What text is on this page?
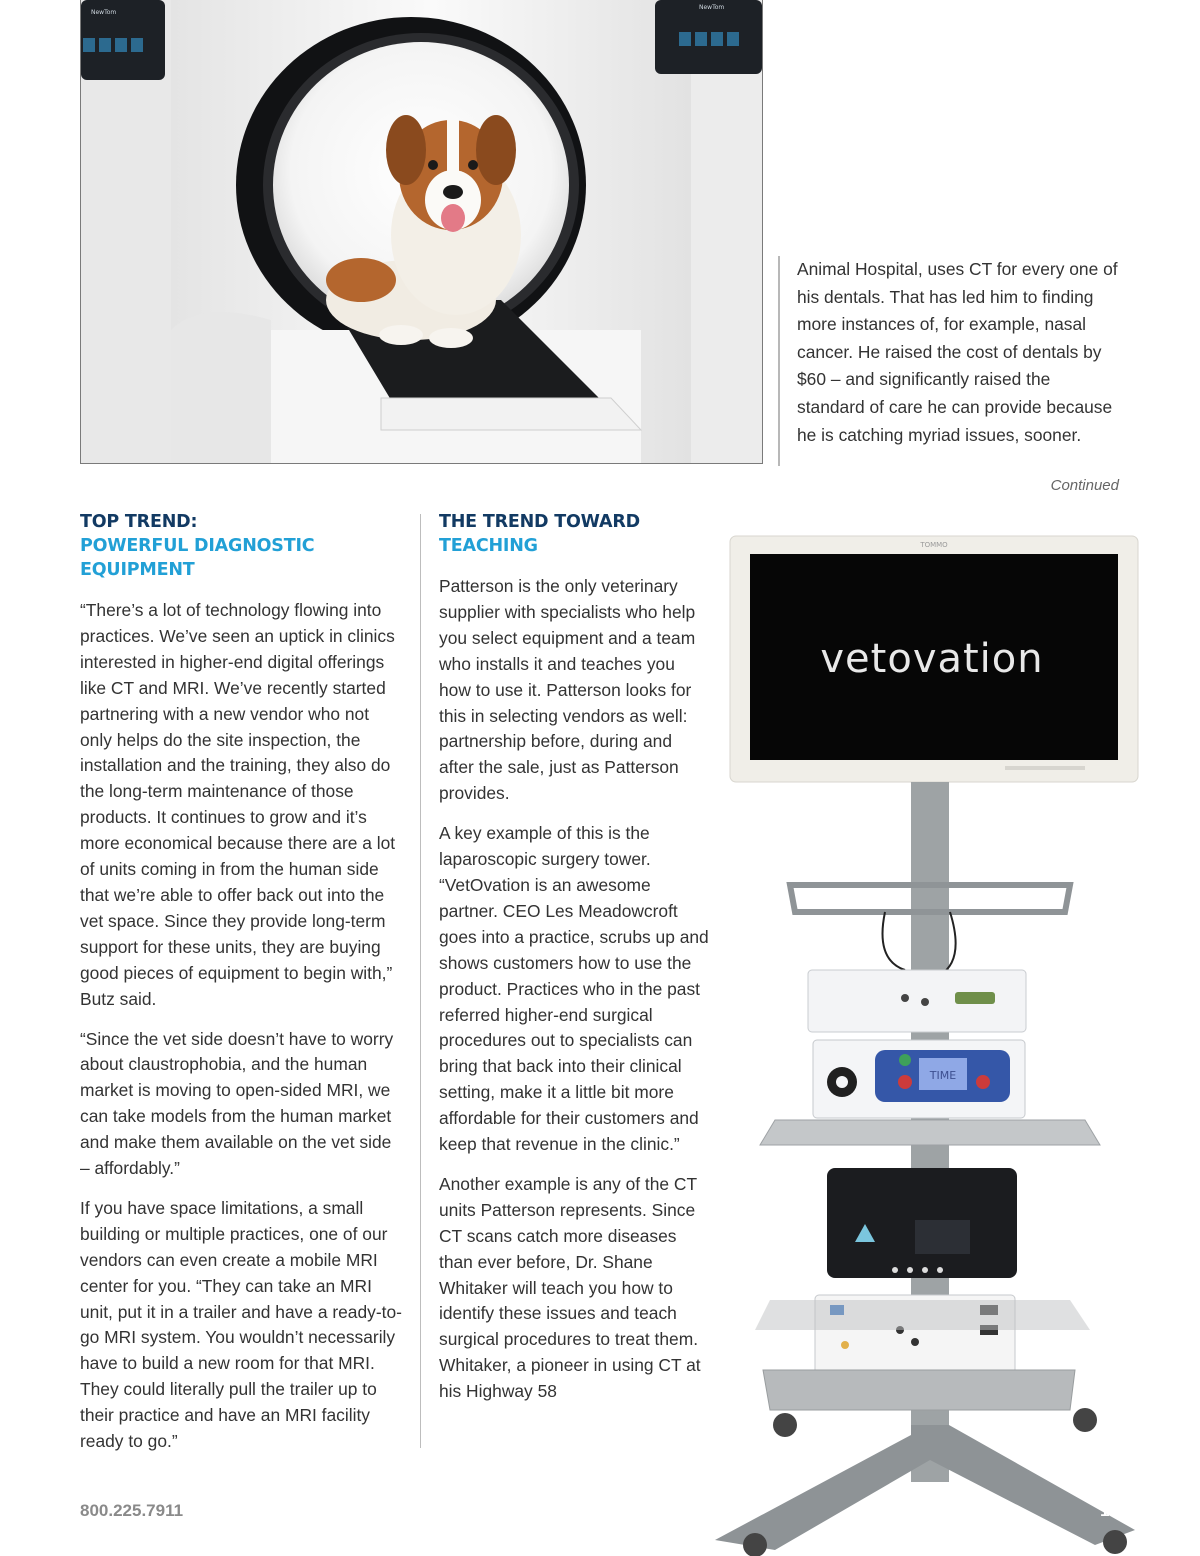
NewTom
NewTom

Animal Hospital, uses CT for every one of his dentals. That has led him to finding more instances of, for example, nasal cancer. He raised the cost of dentals by $60 – and significantly raised the standard of care he can provide because he is catching myriad issues, sooner.

Continued
TOP TREND:
POWERFUL DIAGNOSTIC EQUIPMENT

“There’s a lot of technology flowing into practices. We’ve seen an uptick in clinics interested in higher-end digital offerings like CT and MRI. We’ve recently started partnering with a new vendor who not only helps do the site inspection, the installation and the training, they also do the long-term maintenance of those products. It continues to grow and it’s more economical because there are a lot of units coming in from the human side that we’re able to offer back out into the vet space. Since they provide long-term support for these units, they are buying good pieces of equipment to begin with,” Butz said.

“Since the vet side doesn’t have to worry about claustrophobia, and the human market is moving to open-sided MRI, we can take models from the human market and make them available on the vet side – affordably.”

If you have space limitations, a small building or multiple practices, one of our vendors can even create a mobile MRI center for you. “They can take an MRI unit, put it in a trailer and have a ready-to-go MRI system. You wouldn’t necessarily have to build a new room for that MRI. They could literally pull the trailer up to their practice and have an MRI facility ready to go.”

THE TREND TOWARD
TEACHING

Patterson is the only veterinary supplier with specialists who help you select equipment and a team who installs it and teaches you how to use it. Patterson looks for this in selecting vendors as well: partnership before, during and after the sale, just as Patterson provides.

A key example of this is the laparoscopic surgery tower. “VetOvation is an awesome partner. CEO Les Meadowcroft goes into a practice, scrubs up and shows customers how to use the product. Practices who in the past referred higher-end surgical procedures out to specialists can bring that back into their clinical setting, make it a little bit more affordable for their customers and keep that revenue in the clinic.”

Another example is any of the CT units Patterson represents. Since CT scans catch more diseases than ever before, Dr. Shane Whitaker will teach you how to identify these issues and teach surgical procedures to treat them. Whitaker, a pioneer in using CT at his Highway 58

TOMMO
vetovation
TIME
800.225.7911	17
